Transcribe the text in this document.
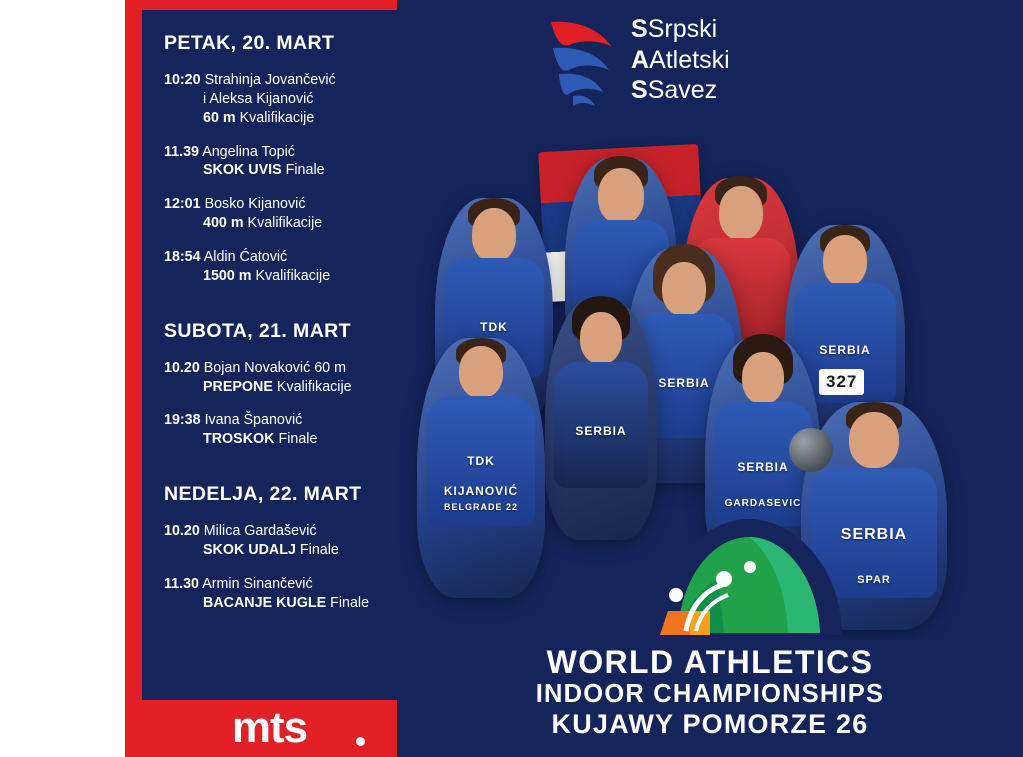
PETAK, 20. MART
10:20 Strahinja Jovančević
i Aleksa Kijanović
60 m Kvalifikacije
11.39 Angelina Topić
SKOK UVIS Finale
12:01 Bosko Kijanović
400 m Kvalifikacije
18:54 Aldin Ćatović
1500 m Kvalifikacije
SUBOTA, 21. MART
10.20 Bojan Novaković 60 m
PREPONE Kvalifikacije
19:38 Ivana Španović
TROSKOK Finale
NEDELJA, 22. MART
10.20 Milica Gardašević
SKOK UDALJ Finale
11.30 Armin Sinančević
BACANJE KUGLE Finale
mts
SSrpski
AAtletski
SSavez
TDK
SERBIA
327
SERBIA
SERBIA
TDK
KIJANOVIĆ
BELGRADE 22
SERBIA
GARDASEVIC
SERBIA
SPAR
WORLD ATHLETICS
INDOOR CHAMPIONSHIPS
KUJAWY POMORZE 26
